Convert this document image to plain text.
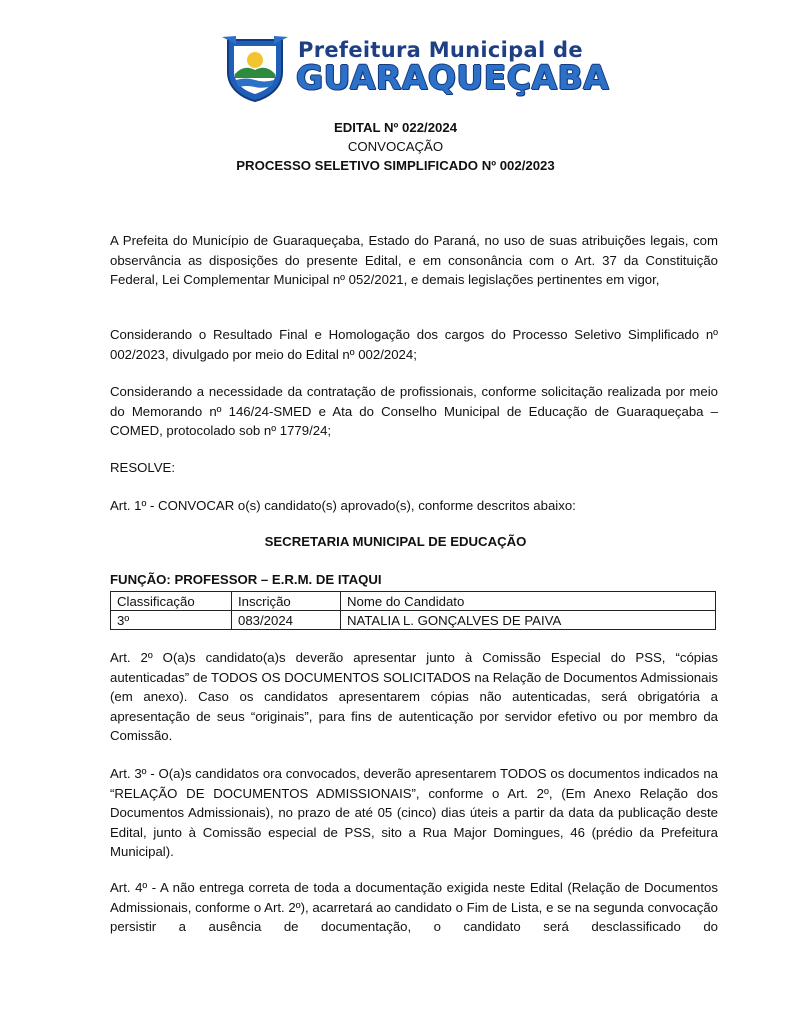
Prefeitura Municipal de
GUARAQUEÇABA
EDITAL Nº 022/2024
CONVOCAÇÃO
PROCESSO SELETIVO SIMPLIFICADO Nº 002/2023

A Prefeita do Município de Guaraqueçaba, Estado do Paraná, no uso de suas atribuições legais, com observância as disposições do presente Edital, e em consonância com o Art. 37 da Constituição Federal, Lei Complementar Municipal nº 052/2021, e demais legislações pertinentes em vigor,

Considerando o Resultado Final e Homologação dos cargos do Processo Seletivo Simplificado nº 002/2023, divulgado por meio do Edital nº 002/2024;

Considerando a necessidade da contratação de profissionais, conforme solicitação realizada por meio do Memorando nº 146/24-SMED e Ata do Conselho Municipal de Educação de Guaraqueçaba – COMED, protocolado sob nº 1779/24;

RESOLVE:

Art. 1º - CONVOCAR o(s) candidato(s) aprovado(s), conforme descritos abaixo:

SECRETARIA MUNICIPAL DE EDUCAÇÃO
FUNÇÃO: PROFESSOR – E.R.M. DE ITAQUI
Classificação	Inscrição	Nome do Candidato
3º	083/2024	NATALIA L. GONÇALVES DE PAIVA

Art. 2º O(a)s candidato(a)s deverão apresentar junto à Comissão Especial do PSS, “cópias autenticadas” de TODOS OS DOCUMENTOS SOLICITADOS na Relação de Documentos Admissionais (em anexo). Caso os candidatos apresentarem cópias não autenticadas, será obrigatória a apresentação de seus “originais”, para fins de autenticação por servidor efetivo ou por membro da Comissão.

Art. 3º - O(a)s candidatos ora convocados, deverão apresentarem TODOS os documentos indicados na “RELAÇÃO DE DOCUMENTOS ADMISSIONAIS”, conforme o Art. 2º, (Em Anexo Relação dos Documentos Admissionais), no prazo de até 05 (cinco) dias úteis a partir da data da publicação deste Edital, junto à Comissão especial de PSS, sito a Rua Major Domingues, 46 (prédio da Prefeitura Municipal).

Art. 4º - A não entrega correta de toda a documentação exigida neste Edital (Relação de Documentos Admissionais, conforme o Art. 2º), acarretará ao candidato o Fim de Lista, e se na segunda convocação persistir a ausência de documentação, o candidato será desclassificado do
